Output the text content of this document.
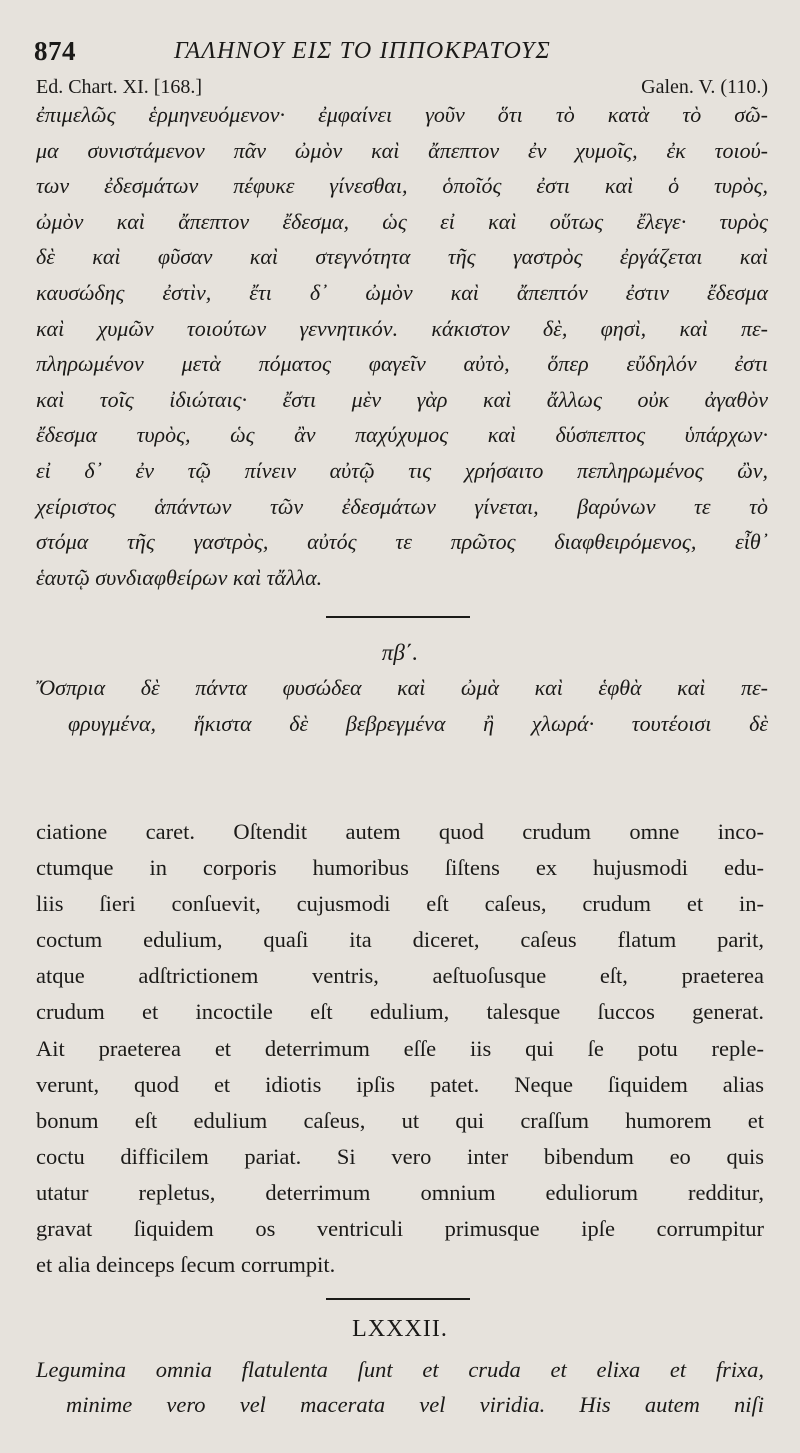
874	ΓΑΛΗΝΟΥ ΕΙΣ ΤΟ ΙΠΠΟΚΡΑΤΟΥΣ
Ed. Chart. XI. [168.]	Galen. V. (110.)
ἐπιμελῶς ἑρμηνευόμενον· ἐμφαίνει γοῦν ὅτι τὸ κατὰ τὸ σῶ-
μα συνιστάμενον πᾶν ὠμὸν καὶ ἄπεπτον ἐν χυμοῖς, ἐκ τοιού-
των ἐδεσμάτων πέφυκε γίνεσθαι, ὁποῖός ἐστι καὶ ὁ τυρὸς,
ὠμὸν καὶ ἄπεπτον ἔδεσμα, ὡς εἰ καὶ οὕτως ἔλεγε· τυρὸς
δὲ καὶ φῦσαν καὶ στεγνότητα τῆς γαστρὸς ἐργάζεται καὶ
καυσώδης ἐστὶν, ἔτι δ᾽ ὠμὸν καὶ ἄπεπτόν ἐστιν ἔδεσμα
καὶ χυμῶν τοιούτων γεννητικόν. κάκιστον δὲ, φησὶ, καὶ πε-
πληρωμένον μετὰ πόματος φαγεῖν αὐτὸ, ὅπερ εὔδηλόν ἐστι
καὶ τοῖς ἰδιώταις· ἔστι μὲν γὰρ καὶ ἄλλως οὐκ ἀγαθὸν
ἔδεσμα τυρὸς, ὡς ἂν παχύχυμος καὶ δύσπεπτος ὑπάρχων·
εἰ δ᾽ ἐν τῷ πίνειν αὐτῷ τις χρήσαιτο πεπληρωμένος ὢν,
χείριστος ἁπάντων τῶν ἐδεσμάτων γίνεται, βαρύνων τε τὸ
στόμα τῆς γαστρὸς, αὐτός τε πρῶτος διαφθειρόμενος, εἶθ᾽
ἑαυτῷ συνδιαφθείρων καὶ τἄλλα.
πβ΄.
Ὄσπρια δὲ πάντα φυσώδεα καὶ ὠμὰ καὶ ἑφθὰ καὶ πε-
φρυγμένα, ἥκιστα δὲ βεβρεγμένα ἢ χλωρά· τουτέοισι δὲ
ciatione caret. Oſtendit autem quod crudum omne inco-
ctumque in corporis humoribus ſiſtens ex hujusmodi edu-
liis ſieri conſuevit, cujusmodi eſt caſeus, crudum et in-
coctum edulium, quaſi ita diceret, caſeus flatum parit,
atque adſtrictionem ventris, aeſtuoſusque eſt, praeterea
crudum et incoctile eſt edulium, talesque ſuccos generat.
Ait praeterea et deterrimum eſſe iis qui ſe potu reple-
verunt, quod et idiotis ipſis patet. Neque ſiquidem alias
bonum eſt edulium caſeus, ut qui craſſum humorem et
coctu difficilem pariat. Si vero inter bibendum eo quis
utatur repletus, deterrimum omnium eduliorum redditur,
gravat ſiquidem os ventriculi primusque ipſe corrumpitur
et alia deinceps ſecum corrumpit.
LXXXII.
Legumina omnia flatulenta ſunt et cruda et elixa et frixa,
minime vero vel macerata vel viridia. His autem niſi
